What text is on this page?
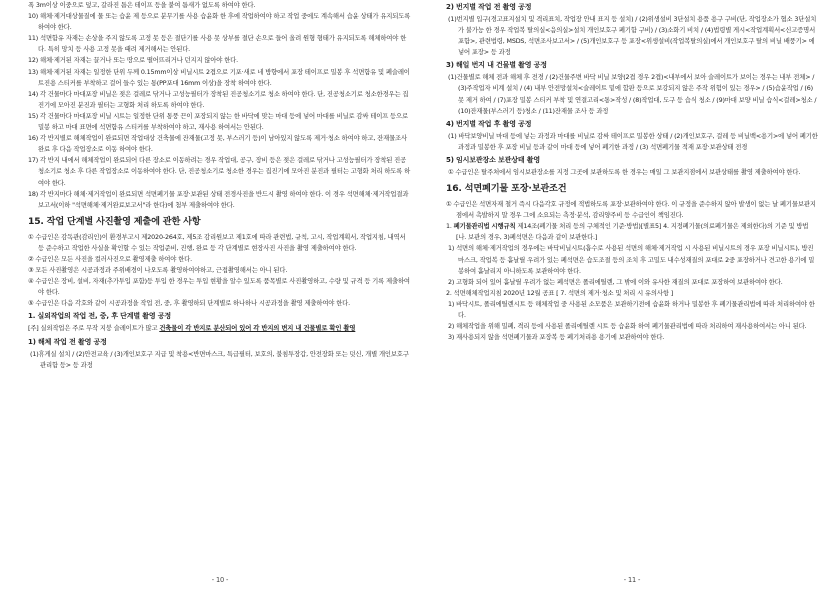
폭 3m이상 이중으로 덮고, 갈라진 틈은 테이프 등을 붙여 틈새가 없도록 하여야 한다.

10) 해체·제거대상물질에 물 또는 습윤 제 등으로 분무기를 사용 습윤화 한 후에 작업하여야 하고 작업 중에도 계속해서 습윤 상태가 유지되도록 하여야 한다.

11) 석면함유 자재는 손상을 주지 않도록 고정 못 등은 절단기를 사용 못 상부를 절단 손으로 들어 올려 원형 형태가 유지되도록 해체하여야 한다. 특히 망치 등 사용 고정 못을 때려 제거해서는 안된다.

12) 해체·제거된 자재는 끌거나 또는 땅으로 떨어뜨리거나 던지지 않아야 한다.

13) 해체·제거된 자재는 일정한 단위 두께 0.15mm이상 비닐시트 2겹으로 기포·새로 네 방향에서 포장 테이프로 밀봉 후 석면함유 및 폐슬레이트진용 스티커를 부착하고 걸어 들수 있는 통(PP포대 16mm 이상)을 장착 하여야 한다.

14) 각 건물마다 마대포장 비닐은 젖은 걸레로 닦거나 고성능필터가 장착된 진공청소기로 청소 하여야 한다. 단, 진공청소기로 청소한경우는 집진기에 모아진 분진과 필터는 고형화 처리 하도록 하여야 한다.

15) 각 건물마다 마대포장 비닐 시트는 일정한 단위 통풍 끈이 포장되지 않는 한 바닥에 맞는 마대 등에 넣어 마대를 비닐로 감싸 테이프 등으로 밀봉 하고 마대 표면에 석면함유 스티커를 부착하여야 하고, 재사용 하여서는 안된다.

16) 각 반지별로 해체작업이 완료되면 작업대상 건축물에 잔재물(고정 못, 부스러기 등)이 남아있지 않도록 제거·청소 하여야 하고, 잔재물조사 완료 후 다음 작업장소로 이동 하여야 한다.

17) 각 반지 내에서 해체작업이 완료되어 다른 장소로 이동하려는 경우 작업대, 공구, 장비 등은 젖은 걸레로 닦거나 고성능필터가 장착된 진공청소기로 청소 후 다른 작업장소로 이동하여야 한다. 단, 진공청소기로 청소한 경우는 집진기에 모아진 분진과 필터는 고형화 처리 하도록 하여야 한다.

18) 각 반지마다 해체·제거작업이 완료되면 석면폐기물 포장·보관된 상태 전경사진을 반드시 촬영 하여야 한다. 이 경우 석면해체·제거작업결과보고서(이하 "석면해체·제거완료보고서"라 한다)에 첨부 제출하여야 한다.

15. 작업 단계별 사진촬영 제출에 관한 사항

① 수급인은 감독관(감리인)이 환경부고시 제2020-264호, 제5조 감리원보고 제1호에 따라 관련법, 규칙, 고시, 작업계획서, 작업지침, 내역서 등 준수하고 작업한 사실을 확인할 수 있는 작업준비, 진행, 완료 등 각 단계별로 현장사진 사진을 촬영 제출하여야 한다.

② 수급인은 모든 사진을 컬러사진으로 촬영제출 하여야 한다.

③ 모든 사진촬영은 시공과정과 주위배경이 나오도록 촬영하여야하고, 근접촬영해서는 아니 된다.

④ 수급인은 장비, 설비, 자재(추가투입 포함)등 투입 한 경우는 투입 현황을 알수 있도록 품목별로 사진촬영하고, 수량 및 규격 등 기록 제출하여야 한다.

⑤ 수급인은 다음 각호와 같이 시공과정을 작업 전, 중, 후 촬영하되 단계별로 하나하나 시공과정을 촬영 제출하여야 한다.

1. 실외작업의 작업 전, 중, 후 단계별 촬영 공정

[주] 실외작업은 주로 무작 지붕 슬레이트가 많고 건축물이 각 반지로 분산되어 있어 각 반지의 변지 내 건물별로 확인 촬영

1) 해체 작업 전 촬영 공정

(1)휴게실 설치 / (2)안전교육 / (3)개인보호구 지급 및 착용<반면마스크, 특급필터, 보호의, 불침투장갑, 안전장화 또는 덧신, 개별 개인보호구 관리함 등> 등 과정

- 10 -
2) 번지별 작업 전 촬영 공정

(1)번지별 입구(경고표지설치 및 격리표치, 작업장 안내 표지 등 설치) / (2)위생설비 3단설치 용품 용구 구비(단, 작업장소가 협소 3단설치가 불가능 한 경우 작업복 탈의실<음의실>설치 개인보호구 폐기함 구비) / (3)소화기 비치 / (4)법령별 게시<작업계획서<신고증명서 포함>, 관련법령, MSDS, 석면조사보고서> / (5)개인보호구 등 포장<위생설비(작업복탈의실)에서 개인보호구 탈의 비닐 배풍기> 에 넣어 포장> 등 과정

3) 해일 번지 내 건물별 촬영 공정

(1)건물별로 해체 전과 해체 후 전경 / (2)건물주변 바닥 비닐 보양(2겹 경우 2겹)<내부에서 보아 슬레이트가 보이는 경우는 내부 전체> / (3)주작업자 비계 설치 / (4) 내부 안전망설치<슬레이트 밑에 합판 등으로 보강되지 않은 주작 위험이 있는 경우> / (5)습윤작업 / (6)못 제거 하여 / (7)포장 밀봉 스티커 부착 및 연결고리<통>작성 / (8)작업대, 도구 등 습식 청소 / (9)마대 보양 비닐 습식<걸레>청소 / (10)잔재물(부스러기 등)청소 / (11)잔재물 조사 등 과정

4) 번지별 작업 후 촬영 공정

(1) 바닥보양비닐 마대 등에 넣는 과정과 마대를 비닐로 감싸 테이프로 밀봉한 상태 / (2)개인보호구, 걸레 등 비닐백<용기>에 넣어 폐기한 과정과 밀봉한 후 포장 비닐 등과 같이 마대 등에 넣어 폐기한 과정 / (3) 석면폐기물 적재 포장·보관상태 전경

5) 임시보관장소 보관상태 촬영

① 수급인은 탈주처에서 임시보관장소를 지정 그곳에 보관하도록 한 경우는 매일 그 보관지점에서 보관상태를 촬영 제출하여야 한다.

16. 석면폐기물 포장·보관조건

① 수급인은 석면자재 철거 즉시 다음각호 규정에 적법하도록 포장·보관하여야 한다. 이 규정을 준수하지 않아 발생이 없는 날 폐기물보관지점에서 촉발하지 말 경우 그에 소요되는 측정·분석, 감리양주비 등 수급인이 책임진다.

1. 폐기물관리법 시행규칙 제14조(폐기물 처리 등의 구체적인 기준·방법)[별표5] 4. 지정폐기물(의료폐기물은 제외한다)의 기준 및 방법 [나. 보관의 경우, 3)폐석면은 다음과 같이 보관한다.]

1) 석면의 해체·제거작업의 경우에는 바닥비닐시트(흡수로 사용된 석면의 해체·제거작업 시 사용된 비닐시트의 경우 포장 비닐시트), 방진마스크, 작업복 등 흩날릴 우려가 있는 폐석면은 습도조절 등의 조치 후 고밀도 내수성재질의 포대로 2중 포장하거나 견고한 용기에 밀봉하여 흩날리지 아니하도록 보관하여야 한다.

2) 고형화 되어 있어 흩날릴 우려가 없는 폐석면은 폴리에틸렌, 그 밖에 이와 유사한 재질의 포대로 포장하여 보관하여야 한다.

2. 석면해체작업지침 2020년 12월 공표 [ 7. 석면의 제거·청소 및 처리 시 유의사항 ]

1) 바닥시트, 폴리에틸렌시트 등 해체작업 중 사용된 소모품은 보관하기전에 습윤화 하거나 밀봉한 후 폐기물관리법에 따라 처리하여야 한다.

2) 해체작업을 위해 밀폐, 격리 등에 사용된 폴리에틸렌 시트 등 습윤화 하여 폐기물관리법에 따라 처리하여 재사용하여서는 아니 된다.

3) 재사용되지 않을 석면폐기물과 포장복 등 폐기처리용 용기에 보관하여야 한다.

- 11 -
